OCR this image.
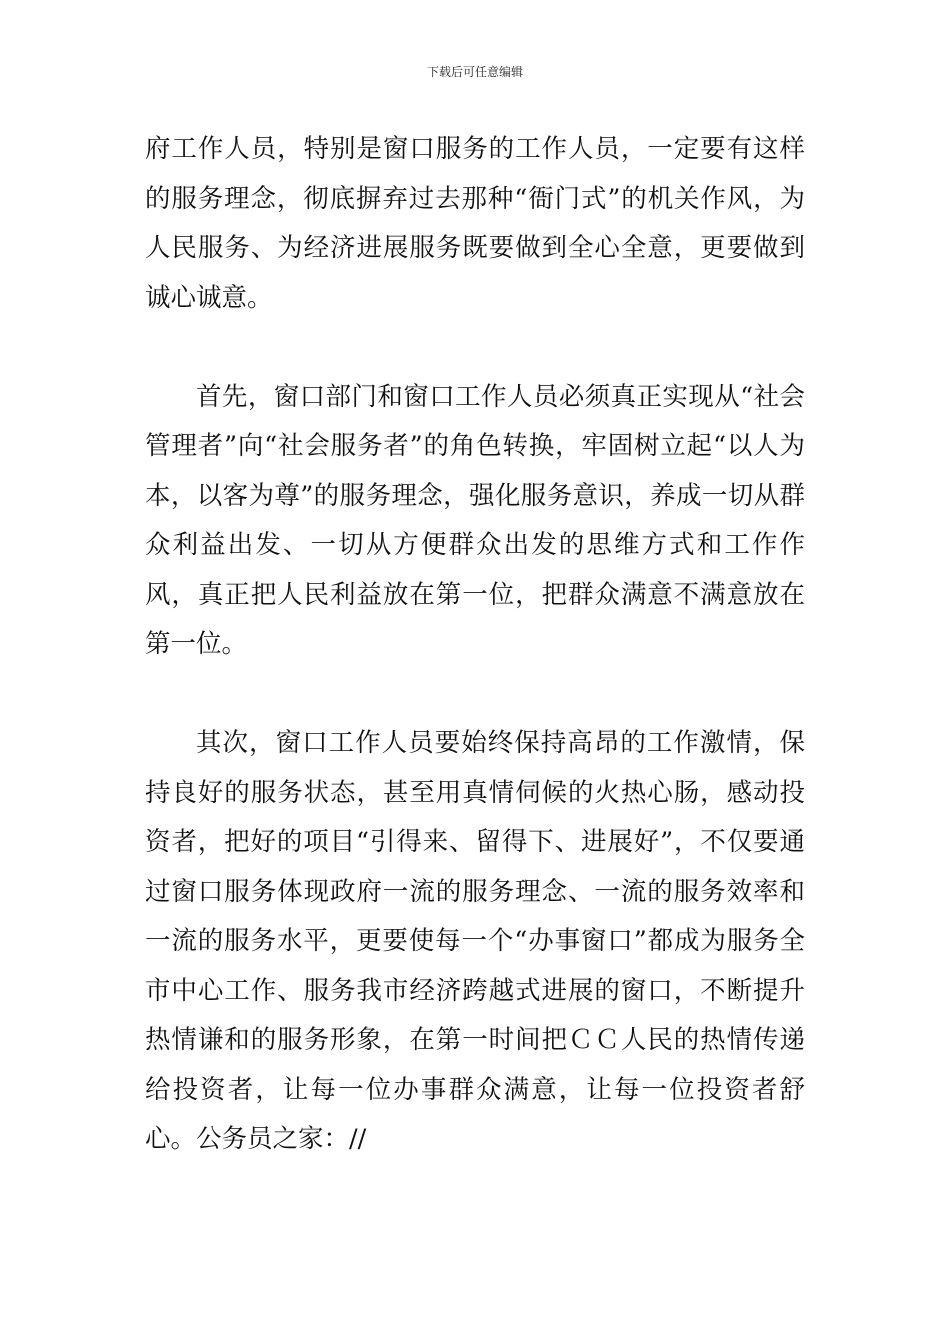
下载后可任意编辑

府工作人员，特别是窗口服务的工作人员，一定要有这样的服务理念，彻底摒弃过去那种“衙门式”的机关作风，为人民服务、为经济进展服务既要做到全心全意，更要做到诚心诚意。

首先，窗口部门和窗口工作人员必须真正实现从“社会管理者”向“社会服务者”的角色转换，牢固树立起“以人为本，以客为尊”的服务理念，强化服务意识，养成一切从群众利益出发、一切从方便群众出发的思维方式和工作作风，真正把人民利益放在第一位，把群众满意不满意放在第一位。

其次，窗口工作人员要始终保持高昂的工作激情，保持良好的服务状态，甚至用真情伺候的火热心肠，感动投资者，把好的项目“引得来、留得下、进展好”，不仅要通过窗口服务体现政府一流的服务理念、一流的服务效率和一流的服务水平，更要使每一个“办事窗口”都成为服务全市中心工作、服务我市经济跨越式进展的窗口，不断提升热情谦和的服务形象，在第一时间把ＣＣ人民的热情传递给投资者，让每一位办事群众满意，让每一位投资者舒心。公务员之家：//
